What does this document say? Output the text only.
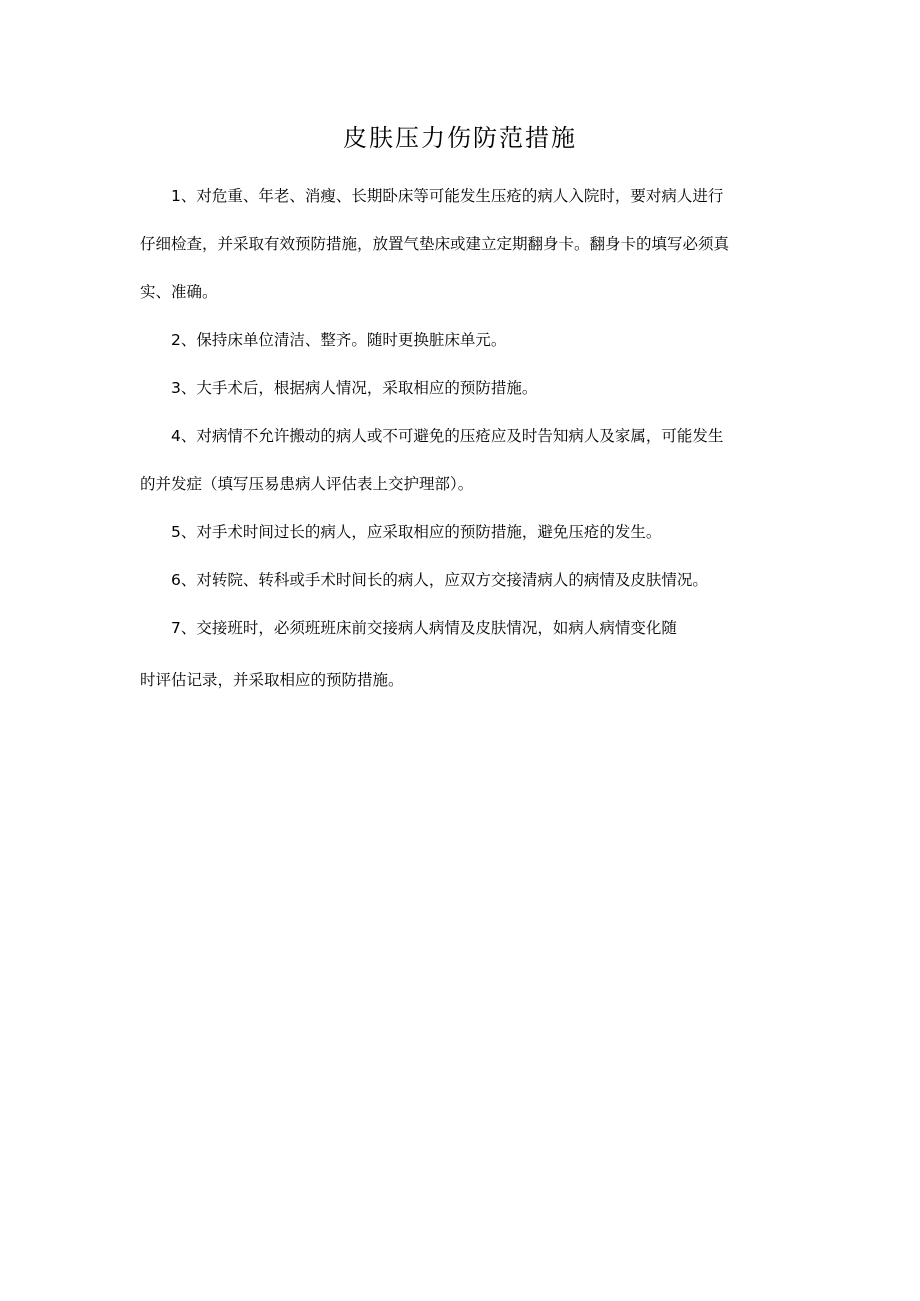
皮肤压力伤防范措施

1、对危重、年老、消瘦、长期卧床等可能发生压疮的病人入院时，要对病人进行
仔细检查，并采取有效预防措施，放置气垫床或建立定期翻身卡。翻身卡的填写必须真
实、准确。

2、保持床单位清洁、整齐。随时更换脏床单元。

3、大手术后，根据病人情况，采取相应的预防措施。

4、对病情不允许搬动的病人或不可避免的压疮应及时告知病人及家属，可能发生
的并发症（填写压易患病人评估表上交护理部）。

5、对手术时间过长的病人，应采取相应的预防措施，避免压疮的发生。

6、对转院、转科或手术时间长的病人，应双方交接清病人的病情及皮肤情况。

7、交接班时，必须班班床前交接病人病情及皮肤情况，如病人病情变化随
时评估记录，并采取相应的预防措施。
